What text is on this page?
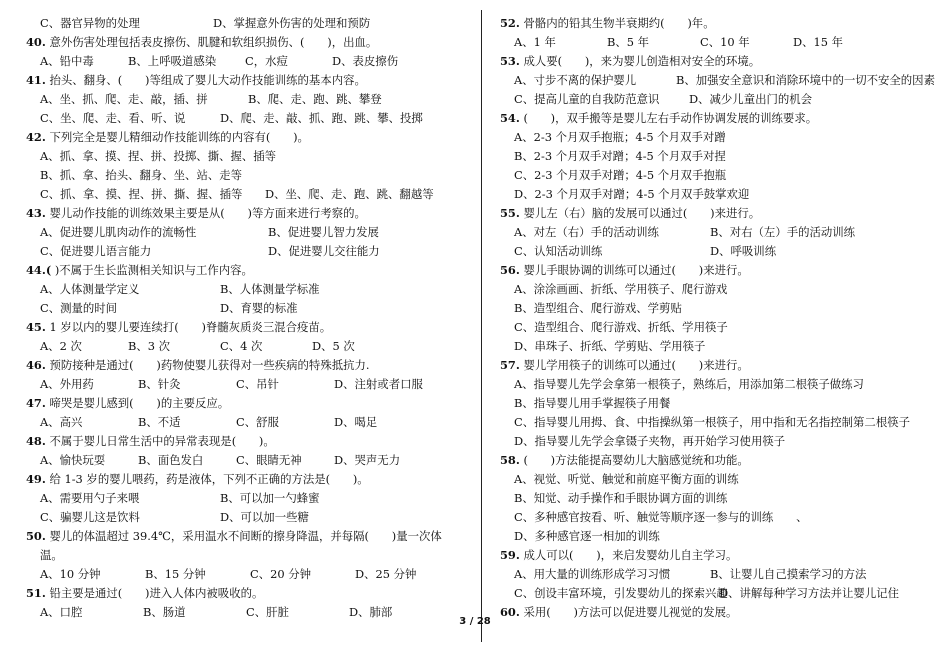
C、器官异物的处理	D、掌握意外伤害的处理和预防
40. 意外伤害处理包括表皮擦伤、肌腱和软组织损伤、(　　)，出血。
A、铅中毒	B、上呼吸道感染	C，水痘	D、表皮擦伤
41. 抬头、翻身、(　　)等组成了婴儿大动作技能训练的基本内容。
A、坐、抓、爬、走、敲，插、拼	B、爬、走、跑、跳、攀登
C、坐、爬、走、看、听、说	D、爬、走、敲、抓、跑、跳、攀、投掷
42. 下列完全是婴儿精细动作技能训练的内容有(　　)。
A、抓、拿、摸、捏、拼、投掷、撕、握、插等
B、抓、拿、抬头、翻身、坐、站、走等
C、抓、拿、摸、捏、拼、撕、握、插等 D、坐、爬、走、跑、跳、翻越等
43. 婴儿动作技能的训练效果主要是从(　　)等方面来进行考察的。
A、促进婴儿肌肉动作的流畅性	B、促进婴儿智力发展
C、促进婴儿语言能力	D、促进婴儿交往能力
44.( )不属于生长监测相关知识与工作内容。
A、人体测量学定义	B、人体测量学标准
C、测量的时间	D、育婴的标准
45. 1 岁以内的婴儿要连续打(　　)脊髓灰质炎三混合疫苗。
A、2 次	B、3 次	C、4 次	D、5 次
46. 预防接种是通过(　　)药物使婴儿获得对一些疾病的特殊抵抗力.
A、外用药	B、针灸	C、吊针	D、注射或者口服
47. 啼哭是婴儿感到(　　)的主要反应。
A、高兴	B、不适	C、舒服	D、喝足
48. 不属于婴儿日常生活中的异常表现是(　　)。
A、愉快玩耍	B、面色发白	C、眼睛无神	D、哭声无力
49. 给 1-3 岁的婴儿喂药，药是液体，下列不正确的方法是(　　)。
A、需要用勺子来喂	B、可以加一勺蜂蜜
C、骗婴儿这是饮料	D、可以加一些糖
50. 婴儿的体温超过 39.4℃，采用温水不间断的擦身降温，并每隔(　　)量一次体
温。
A、10 分钟	B、15 分钟	C、20 分钟	D、25 分钟
51. 铅主要是通过(　　)进入人体内被吸收的。
A、口腔	B、肠道	C、肝脏	D、肺部
52. 骨骼内的铅其生物半衰期约(　　)年。
A、1 年	B、5 年	C、10 年	D、15 年
53. 成人要(　　)，来为婴儿创造相对安全的环境。
A、寸步不离的保护婴儿	B、加强安全意识和消除环境中的一切不安全的因素
C、提高儿童的自我防范意识	D、减少儿童出门的机会
54. (　　)，双手搬等是婴儿左右手动作协调发展的训练要求。
A、2-3 个月双手抱瓶；4-5 个月双手对蹭
B、2-3 个月双手对蹭；4-5 个月双手对捏
C、2-3 个月双手对蹭；4-5 个月双手抱瓶
D、2-3 个月双手对蹭；4-5 个月双手鼓掌欢迎
55. 婴儿左（右）脑的发展可以通过(　　)来进行。
A、对左（右）手的活动训练	B、对右（左）手的活动训练
C、认知活动训练	D、呼吸训练
56. 婴儿手眼协调的训练可以通过(　　)来进行。
A、涂涂画画、折纸、学用筷子、爬行游戏
B、造型组合、爬行游戏、学剪贴
C、造型组合、爬行游戏、折纸、学用筷子
D、串珠子、折纸、学剪贴、学用筷子
57. 婴儿学用筷子的训练可以通过(　　)来进行。
A、指导婴儿先学会拿第一根筷子，熟练后，用添加第二根筷子做练习
B、指导婴儿用手掌握筷子用餐
C、指导婴儿用拇、食、中指操纵第一根筷子，用中指和无名指控制第二根筷子
D、指导婴儿先学会拿镊子夹物，再开始学习使用筷子
58. (　　)方法能提高婴幼儿大脑感觉统和功能。
A、视觉、听觉、触觉和前庭平衡方面的训练
B、知觉、动手操作和手眼协调方面的训练
C、多种感官按看、听、触觉等顺序逐一参与的训练　　、
D、多种感官逐一相加的训练
59. 成人可以(　　)，来启发婴幼儿自主学习。
A、用大量的训练形成学习习惯	B、让婴儿自己摸索学习的方法
C、创设丰富环境，引发婴幼儿的探索兴趣
D、讲解每种学习方法并让婴儿记住
60. 采用(　　)方法可以促进婴儿视觉的发展。
3 / 28
